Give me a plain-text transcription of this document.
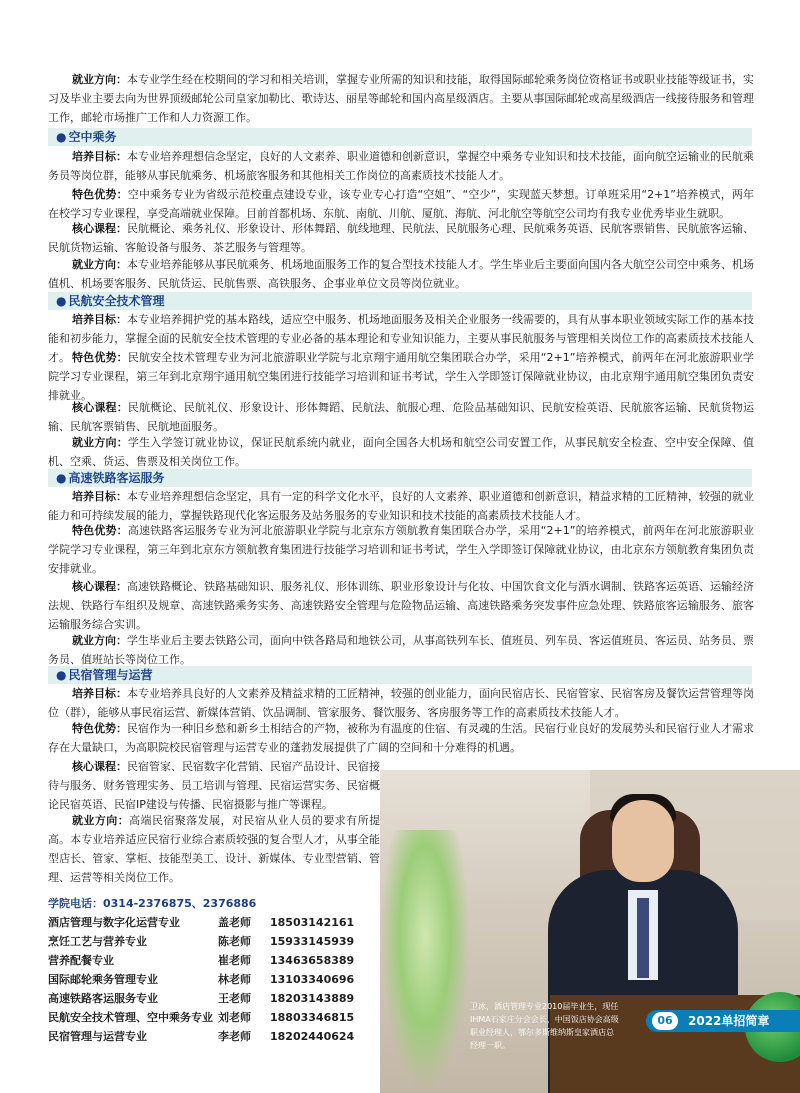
就业方向：本专业学生经在校期间的学习和相关培训，掌握专业所需的知识和技能，取得国际邮轮乘务岗位资格证书或职业技能等级证书，实习及毕业主要去向为世界顶级邮轮公司皇家加勒比、歌诗达、丽星等邮轮和国内高星级酒店。主要从事国际邮轮或高星级酒店一线接待服务和管理工作，邮轮市场推广工作和人力资源工作。

● 空中乘务

培养目标：本专业培养理想信念坚定，良好的人文素养、职业道德和创新意识，掌握空中乘务专业知识和技术技能，面向航空运输业的民航乘务员等岗位群，能够从事民航乘务、机场旅客服务和其他相关工作岗位的高素质技术技能人才。

特色优势：空中乘务专业为省级示范校重点建设专业，该专业专心打造“空姐”、“空少”，实现蓝天梦想。订单班采用“2+1”培养模式，两年在校学习专业课程，享受高端就业保障。目前首都机场、东航、南航、川航、厦航、海航、河北航空等航空公司均有我专业优秀毕业生就职。

核心课程：民航概论、乘务礼仪、形象设计、形体舞蹈、航线地理、民航法、民航服务心理、民航乘务英语、民航客票销售、民航旅客运输、民航货物运输、客舱设备与服务、茶艺服务与管理等。

就业方向：本专业培养能够从事民航乘务、机场地面服务工作的复合型技术技能人才。学生毕业后主要面向国内各大航空公司空中乘务、机场值机、机场要客服务、民航货运、民航售票、高铁服务、企事业单位文员等岗位就业。

● 民航安全技术管理

培养目标：本专业培养拥护党的基本路线，适应空中服务、机场地面服务及相关企业服务一线需要的，具有从事本职业领域实际工作的基本技能和初步能力，掌握全面的民航安全技术管理的专业必备的基本理论和专业知识能力，主要从事民航服务与管理相关岗位工作的高素质技术技能人才。 特色优势：民航安全技术管理专业为河北旅游职业学院与北京翔宇通用航空集团联合办学，采用“2+1”培养模式，前两年在河北旅游职业学院学习专业课程，第三年到北京翔宇通用航空集团进行技能学习培训和证书考试，学生入学即签订保障就业协议，由北京翔宇通用航空集团负责安排就业。

核心课程：民航概论、民航礼仪、形象设计、形体舞蹈、民航法、航服心理、危险品基础知识、民航安检英语、民航旅客运输、民航货物运输、民航客票销售、民航地面服务。

就业方向：学生入学签订就业协议，保证民航系统内就业，面向全国各大机场和航空公司安置工作，从事民航安全检查、空中安全保障、值机、空乘、货运、售票及相关岗位工作。

● 高速铁路客运服务

培养目标：本专业培养理想信念坚定，具有一定的科学文化水平，良好的人文素养、职业道德和创新意识，精益求精的工匠精神，较强的就业能力和可持续发展的能力，掌握铁路现代化客运服务及站务服务的专业知识和技术技能的高素质技术技能人才。

特色优势：高速铁路客运服务专业为河北旅游职业学院与北京东方领航教育集团联合办学，采用“2+1”的培养模式，前两年在河北旅游职业学院学习专业课程，第三年到北京东方领航教育集团进行技能学习培训和证书考试，学生入学即签订保障就业协议，由北京东方领航教育集团负责安排就业。

核心课程：高速铁路概论、铁路基础知识、服务礼仪、形体训练、职业形象设计与化妆、中国饮食文化与酒水调制、铁路客运英语、运输经济法规、铁路行车组织及规章、高速铁路乘务实务、高速铁路安全管理与危险物品运输、高速铁路乘务突发事件应急处理、铁路旅客运输服务、旅客运输服务综合实训。

就业方向：学生毕业后主要去铁路公司，面向中铁各路局和地铁公司，从事高铁列车长、值班员、列车员、客运值班员、客运员、站务员、票务员、值班站长等岗位工作。

● 民宿管理与运营

培养目标：本专业培养具良好的人文素养及精益求精的工匠精神，较强的创业能力，面向民宿店长、民宿管家、民宿客房及餐饮运营管理等岗位（群），能够从事民宿运营、新媒体营销、饮品调制、管家服务、餐饮服务、客房服务等工作的高素质技术技能人才。

特色优势：民宿作为一种旧乡愁和新乡土相结合的产物，被称为有温度的住宿、有灵魂的生活。民宿行业良好的发展势头和民宿行业人才需求存在大量缺口，为高职院校民宿管理与运营专业的蓬勃发展提供了广阔的空间和十分难得的机遇。

核心课程：民宿管家、民宿数字化营销、民宿产品设计、民宿接待与服务、财务管理实务、员工培训与管理、民宿运营实务、民宿概论民宿英语、民宿IP建设与传播、民宿摄影与推广等课程。

就业方向：高端民宿聚落发展，对民宿从业人员的要求有所提高。本专业培养适应民宿行业综合素质较强的复合型人才，从事全能型店长、管家、掌柜、技能型美工、设计、新媒体、专业型营销、管理、运营等相关岗位工作。

卫冰，酒店管理专业2010届毕业生，现任IHMA石家庄分会会长，中国饭店协会高级职业经理人，鄂尔多斯维纳斯皇家酒店总经理一职。

06	2022单招简章

学院电话：0314-2376875、2376886

酒店管理与数字化运营专业	盖老师 18503142161
烹饪工艺与营养专业	陈老师 15933145939
营养配餐专业	崔老师 13463658389
国际邮轮乘务管理专业	林老师 13103340696
高速铁路客运服务专业	王老师 18203143889
民航安全技术管理、空中乘务专业 刘老师 18803346815
民宿管理与运营专业	李老师 18202440624
